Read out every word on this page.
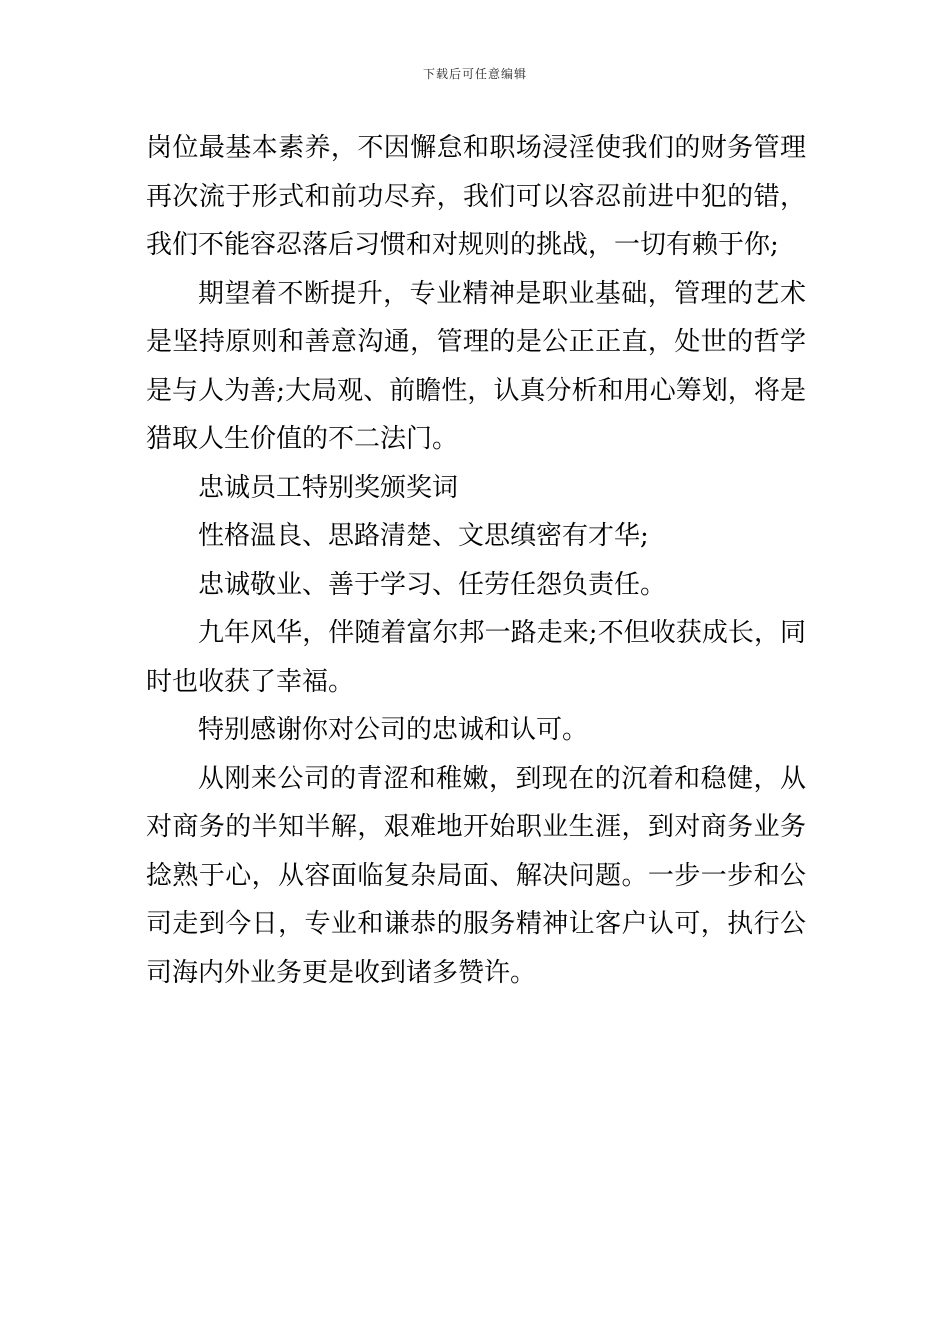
下载后可任意编辑

岗位最基本素养，不因懈怠和职场浸淫使我们的财务管理再次流于形式和前功尽弃，我们可以容忍前进中犯的错，我们不能容忍落后习惯和对规则的挑战，一切有赖于你;

期望着不断提升，专业精神是职业基础，管理的艺术是坚持原则和善意沟通，管理的是公正正直，处世的哲学是与人为善;大局观、前瞻性，认真分析和用心筹划，将是猎取人生价值的不二法门。

忠诚员工特别奖颁奖词

性格温良、思路清楚、文思缜密有才华;

忠诚敬业、善于学习、任劳任怨负责任。

九年风华，伴随着富尔邦一路走来;不但收获成长，同时也收获了幸福。

特别感谢你对公司的忠诚和认可。

从刚来公司的青涩和稚嫩，到现在的沉着和稳健，从对商务的半知半解，艰难地开始职业生涯，到对商务业务捻熟于心，从容面临复杂局面、解决问题。一步一步和公司走到今日，专业和谦恭的服务精神让客户认可，执行公司海内外业务更是收到诸多赞许。
